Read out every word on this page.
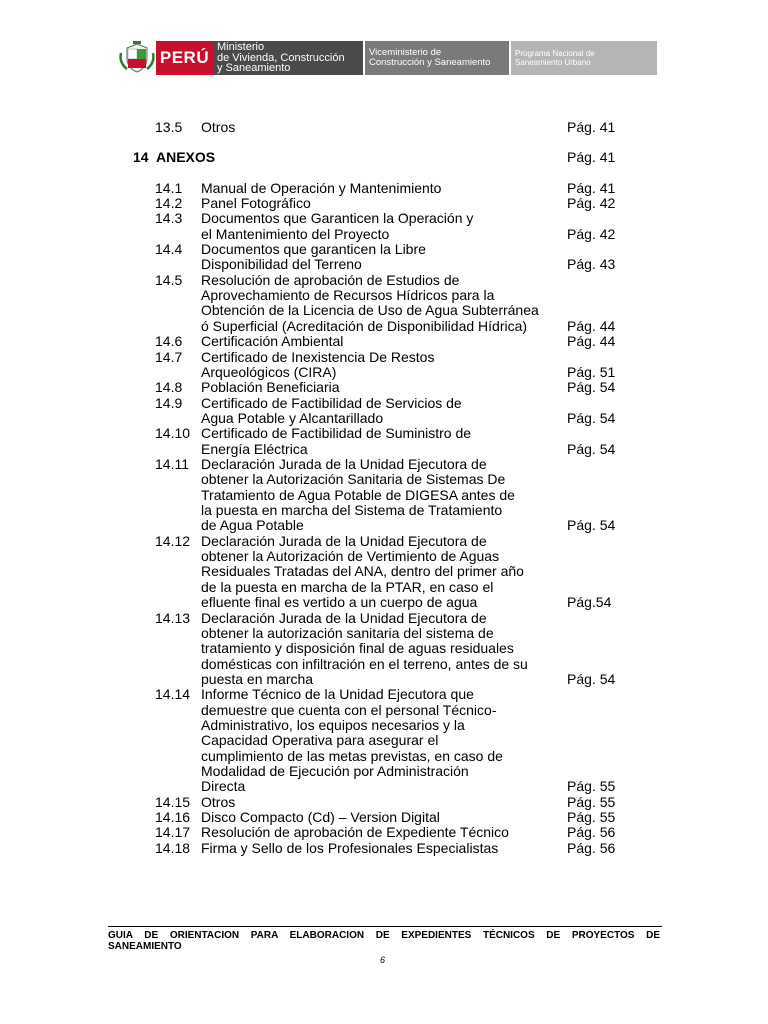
PERÚ
Ministerio
de Vivienda, Construcción
y Saneamiento
Viceministerio de
Construcción y Saneamiento
Programa Nacional de
Saneamiento Urbano
13.5 Otros	Pág. 41
14 ANEXOS	Pág. 41
14.1 Manual de Operación y Mantenimiento	Pág. 41
14.2 Panel Fotográfico	Pág. 42
14.3 Documentos que Garanticen la Operación y
el Mantenimiento del Proyecto	Pág. 42
14.4 Documentos que garanticen la Libre
Disponibilidad del Terreno	Pág. 43
14.5 Resolución de aprobación de Estudios de
Aprovechamiento de Recursos Hídricos para la
Obtención de la Licencia de Uso de Agua Subterránea
ó Superficial (Acreditación de Disponibilidad Hídrica)	Pág. 44
14.6 Certificación Ambiental	Pág. 44
14.7 Certificado de Inexistencia De Restos
Arqueológicos (CIRA)	Pág. 51
14.8 Población Beneficiaria	Pág. 54
14.9 Certificado de Factibilidad de Servicios de
Agua Potable y Alcantarillado	Pág. 54
14.10 Certificado de Factibilidad de Suministro de
Energía Eléctrica	Pág. 54
14.11 Declaración Jurada de la Unidad Ejecutora de
obtener la Autorización Sanitaria de Sistemas De
Tratamiento de Agua Potable de DIGESA antes de
la puesta en marcha del Sistema de Tratamiento
de Agua Potable	Pág. 54
14.12 Declaración Jurada de la Unidad Ejecutora de
obtener la Autorización de Vertimiento de Aguas
Residuales Tratadas del ANA, dentro del primer año
de la puesta en marcha de la PTAR, en caso el
efluente final es vertido a un cuerpo de agua	Pág.54
14.13 Declaración Jurada de la Unidad Ejecutora de
obtener la autorización sanitaria del sistema de
tratamiento y disposición final de aguas residuales
domésticas con infiltración en el terreno, antes de su
puesta en marcha	Pág. 54
14.14 Informe Técnico de la Unidad Ejecutora que
demuestre que cuenta con el personal Técnico-
Administrativo, los equipos necesarios y la
Capacidad Operativa para asegurar el
cumplimiento de las metas previstas, en caso de
Modalidad de Ejecución por Administración
Directa	Pág. 55
14.15 Otros	Pág. 55
14.16 Disco Compacto (Cd) – Version Digital	Pág. 55
14.17 Resolución de aprobación de Expediente Técnico	Pág. 56
14.18 Firma y Sello de los Profesionales Especialistas	Pág. 56
GUIA DE ORIENTACION PARA ELABORACION DE EXPEDIENTES TÉCNICOS DE PROYECTOS DE SANEAMIENTO
6
